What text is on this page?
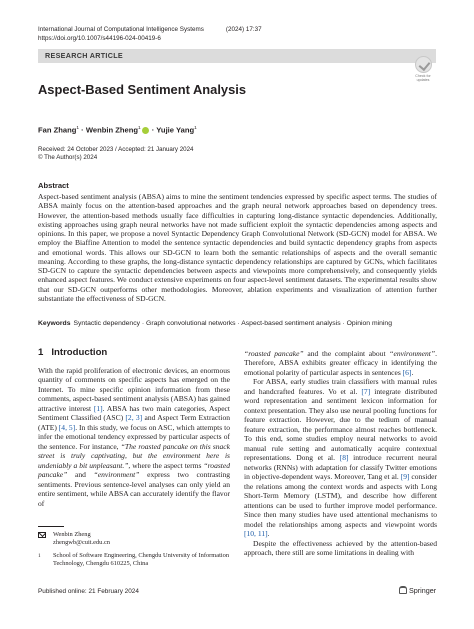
International Journal of Computational Intelligence Systems	(2024) 17:37
https://doi.org/10.1007/s44196-024-00419-6
RESEARCH ARTICLE
Check for
updates
Aspect-Based Sentiment Analysis
Fan Zhang$^1$ · Wenbin Zheng$^1$ · Yujie Yang$^1$
Received: 24 October 2023 / Accepted: 21 January 2024
© The Author(s) 2024
Abstract

Aspect-based sentiment analysis (ABSA) aims to mine the sentiment tendencies expressed by specific aspect terms. The studies of ABSA mainly focus on the attention-based approaches and the graph neural network approaches based on dependency trees. However, the attention-based methods usually face difficulties in capturing long-distance syntactic dependencies. Additionally, existing approaches using graph neural networks have not made sufficient exploit the syntactic dependencies among aspects and opinions. In this paper, we propose a novel Syntactic Dependency Graph Convolutional Network (SD-GCN) model for ABSA. We employ the Biaffine Attention to model the sentence syntactic dependencies and build syntactic dependency graphs from aspects and emotional words. This allows our SD-GCN to learn both the semantic relationships of aspects and the overall semantic meaning. According to these graphs, the long-distance syntactic dependency relationships are captured by GCNs, which facilitates SD-GCN to capture the syntactic dependencies between aspects and viewpoints more comprehensively, and consequently yields enhanced aspect features. We conduct extensive experiments on four aspect-level sentiment datasets. The experimental results show that our SD-GCN outperforms other methodologies. Moreover, ablation experiments and visualization of attention further substantiate the effectiveness of SD-GCN.

Keywords Syntactic dependency · Graph convolutional networks · Aspect-based sentiment analysis · Opinion mining
1 Introduction

With the rapid proliferation of electronic devices, an enormous quantity of comments on specific aspects has emerged on the Internet. To mine specific opinion information from these comments, aspect-based sentiment analysis (ABSA) has gained attractive interest [1]. ABSA has two main categories, Aspect Sentiment Classified (ASC) [2, 3] and Aspect Term Extraction (ATE) [4, 5]. In this study, we focus on ASC, which attempts to infer the emotional tendency expressed by particular aspects of the sentence. For instance, “The roasted pancake on this snack street is truly captivating, but the environment here is undeniably a bit unpleasant.”, where the aspect terms “roasted pancake” and “environment” express two contrasting sentiments. Previous sentence-level analyses can only yield an entire sentiment, while ABSA can accurately identify the flavor of

“roasted pancake” and the complaint about “environment”. Therefore, ABSA exhibits greater efficacy in identifying the emotional polarity of particular aspects in sentences [6].

For ABSA, early studies train classifiers with manual rules and handcrafted features. Vo et al. [7] integrate distributed word representation and sentiment lexicon information for context presentation. They also use neural pooling functions for feature extraction. However, due to the tedium of manual feature extraction, the performance almost reaches bottleneck. To this end, some studies employ neural networks to avoid manual rule setting and automatically acquire contextual representations. Dong et al. [8] introduce recurrent neural networks (RNNs) with adaptation for classify Twitter emotions in objective-dependent ways. Moreover, Tang et al. [9] consider the relations among the context words and aspects with Long Short-Term Memory (LSTM), and describe how different attentions can be used to further improve model performance. Since then many studies have used attentional mechanisms to model the relationships among aspects and viewpoint words [10, 11].

Despite the effectiveness achieved by the attention-based approach, there still are some limitations in dealing with

Wenbin Zheng
zhengwb@cuit.edu.cn
$^1$	School of Software Engineering, Chengdu University of Information Technology, Chengdu 610225, China
Published online: 21 February 2024	Springer
